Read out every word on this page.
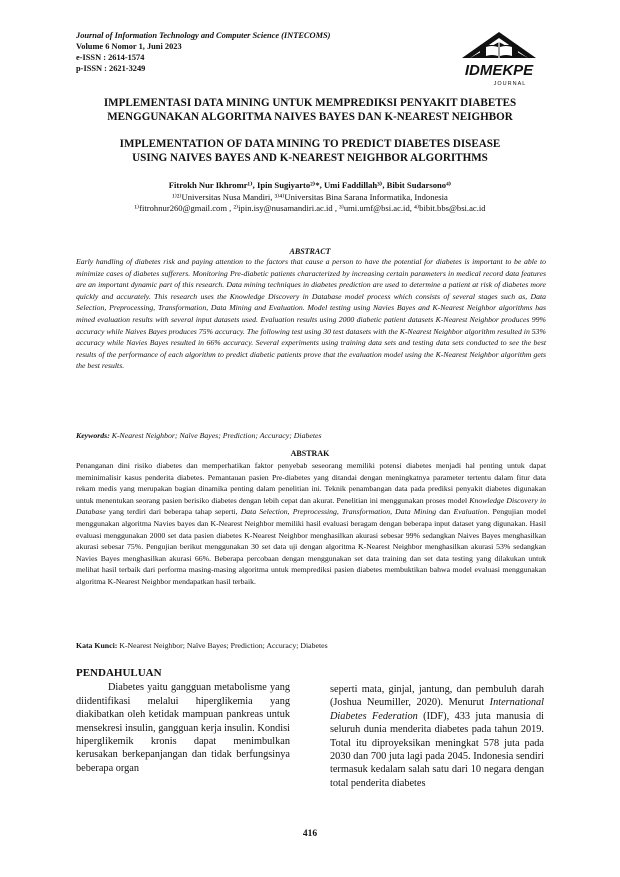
Journal of Information Technology and Computer Science (INTECOMS)
Volume 6 Nomor 1, Juni 2023
e-ISSN : 2614-1574
p-ISSN : 2621-3249	IDMEKPE
JOURNAL
IMPLEMENTASI DATA MINING UNTUK MEMPREDIKSI PENYAKIT DIABETES
MENGGUNAKAN ALGORITMA NAIVES BAYES DAN K-NEAREST NEIGHBOR
IMPLEMENTATION OF DATA MINING TO PREDICT DIABETES DISEASE
USING NAIVES BAYES AND K-NEAREST NEIGHBOR ALGORITHMS
Fitrokh Nur Ikhromr¹⁾, Ipin Sugiyarto²⁾*, Umi Faddillah³⁾, Bibit Sudarsono⁴⁾
¹⁾²⁾Universitas Nusa Mandiri, ³⁾⁴⁾Universitas Bina Sarana Informatika, Indonesia
¹⁾fitrohnur260@gmail.com , ²⁾ipin.isy@nusamandiri.ac.id , ³⁾umi.umf@bsi.ac.id, ⁴⁾bibit.bbs@bsi.ac.id
ABSTRACT
Early handling of diabetes risk and paying attention to the factors that cause a person to have the potential for diabetes is important to be able to minimize cases of diabetes sufferers. Monitoring Pre-diabetic patients characterized by increasing certain parameters in medical record data features are an important dynamic part of this research. Data mining techniques in diabetes prediction are used to determine a patient at risk of diabetes more quickly and accurately. This research uses the Knowledge Discovery in Database model process which consists of several stages such as, Data Selection, Preprocessing, Transformation, Data Mining and Evaluation. Model testing using Navies Bayes and K-Nearest Neighbor algorithms has mined evaluation results with several input datasets used. Evaluation results using 2000 diabetic patient datasets K-Nearest Neighbor produces 99% accuracy while Naives Bayes produces 75% accuracy. The following test using 30 test datasets with the K-Nearest Neighbor algorithm resulted in 53% accuracy while Navies Bayes resulted in 66% accuracy. Several experiments using training data sets and testing data sets conducted to see the best results of the performance of each algorithm to predict diabetic patients prove that the evaluation model using the K-Nearest Neighbor algorithm gets the best results.
Keywords: K-Nearest Neighbor; Naïve Bayes; Prediction; Accuracy; Diabetes
ABSTRAK
Penanganan dini risiko diabetes dan memperhatikan faktor penyebab seseorang memiliki potensi diabetes menjadi hal penting untuk dapat meminimalisir kasus penderita diabetes. Pemantauan pasien Pre-diabetes yang ditandai dengan meningkatnya parameter tertentu dalam fitur data rekam medis yang merupakan bagian dinamika penting dalam penelitian ini. Teknik penambangan data pada prediksi penyakit diabetes digunakan untuk menentukan seorang pasien berisiko diabetes dengan lebih cepat dan akurat. Penelitian ini menggunakan proses model Knowledge Discovery in Database yang terdiri dari beberapa tahap seperti, Data Selection, Preprocessing, Transformation, Data Mining dan Evaluation. Pengujian model menggunakan algoritma Navies bayes dan K-Nearest Neighbor memiliki hasil evaluasi beragam dengan beberapa input dataset yang digunakan. Hasil evaluasi menggunakan 2000 set data pasien diabetes K-Nearest Neighbor menghasilkan akurasi sebesar 99% sedangkan Naives Bayes menghasilkan akurasi sebesar 75%. Pengujian berikut menggunakan 30 set data uji dengan algoritma K-Nearest Neighbor menghasilkan akurasi 53% sedangkan Navies Bayes menghasilkan akurasi 66%. Beberapa percobaan dengan menggunakan set data training dan set data testing yang dilakukan untuk melihat hasil terbaik dari performa masing-masing algoritma untuk memprediksi pasien diabetes membuktikan bahwa model evaluasi menggunakan algoritma K-Nearest Neighbor mendapatkan hasil terbaik.
Kata Kunci: K-Nearest Neighbor; Naïve Bayes; Prediction; Accuracy; Diabetes
PENDAHULUAN

Diabetes yaitu gangguan metabolisme yang diidentifikasi melalui hiperglikemia yang diakibatkan oleh ketidak mampuan pankreas untuk mensekresi insulin, gangguan kerja insulin. Kondisi hiperglikemik kronis dapat menimbulkan kerusakan berkepanjangan dan tidak berfungsinya beberapa organ

seperti mata, ginjal, jantung, dan pembuluh darah (Joshua Neumiller, 2020). Menurut International Diabetes Federation (IDF), 433 juta manusia di seluruh dunia menderita diabetes pada tahun 2019. Total itu diproyeksikan meningkat 578 juta pada 2030 dan 700 juta lagi pada 2045. Indonesia sendiri termasuk kedalam salah satu dari 10 negara dengan total penderita diabetes

416
